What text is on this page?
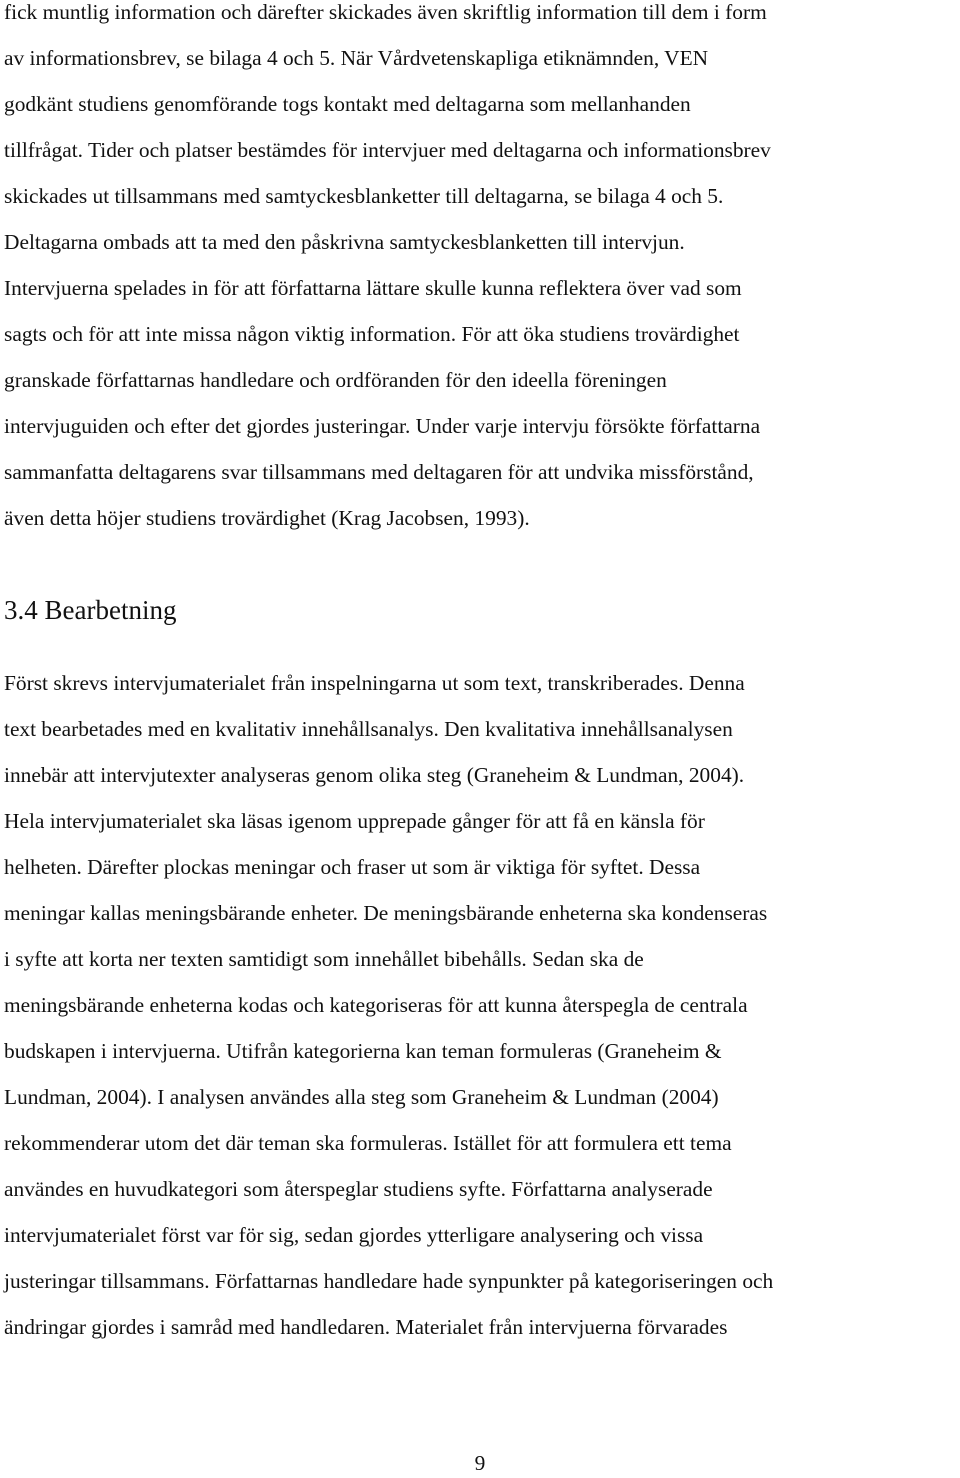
fick muntlig information och därefter skickades även skriftlig information till dem i form
av informationsbrev, se bilaga 4 och 5. När Vårdvetenskapliga etiknämnden, VEN
godkänt studiens genomförande togs kontakt med deltagarna som mellanhanden
tillfrågat. Tider och platser bestämdes för intervjuer med deltagarna och informationsbrev
skickades ut tillsammans med samtyckesblanketter till deltagarna, se bilaga 4 och 5.
Deltagarna ombads att ta med den påskrivna samtyckesblanketten till intervjun.
Intervjuerna spelades in för att författarna lättare skulle kunna reflektera över vad som
sagts och för att inte missa någon viktig information. För att öka studiens trovärdighet
granskade författarnas handledare och ordföranden för den ideella föreningen
intervjuguiden och efter det gjordes justeringar. Under varje intervju försökte författarna
sammanfatta deltagarens svar tillsammans med deltagaren för att undvika missförstånd,
även detta höjer studiens trovärdighet (Krag Jacobsen, 1993).

3.4 Bearbetning

Först skrevs intervjumaterialet från inspelningarna ut som text, transkriberades. Denna
text bearbetades med en kvalitativ innehållsanalys. Den kvalitativa innehållsanalysen
innebär att intervjutexter analyseras genom olika steg (Graneheim & Lundman, 2004).
Hela intervjumaterialet ska läsas igenom upprepade gånger för att få en känsla för
helheten. Därefter plockas meningar och fraser ut som är viktiga för syftet. Dessa
meningar kallas meningsbärande enheter. De meningsbärande enheterna ska kondenseras
i syfte att korta ner texten samtidigt som innehållet bibehålls. Sedan ska de
meningsbärande enheterna kodas och kategoriseras för att kunna återspegla de centrala
budskapen i intervjuerna. Utifrån kategorierna kan teman formuleras (Graneheim &
Lundman, 2004). I analysen användes alla steg som Graneheim & Lundman (2004)
rekommenderar utom det där teman ska formuleras. Istället för att formulera ett tema
användes en huvudkategori som återspeglar studiens syfte. Författarna analyserade
intervjumaterialet först var för sig, sedan gjordes ytterligare analysering och vissa
justeringar tillsammans. Författarnas handledare hade synpunkter på kategoriseringen och
ändringar gjordes i samråd med handledaren. Materialet från intervjuerna förvarades

9
